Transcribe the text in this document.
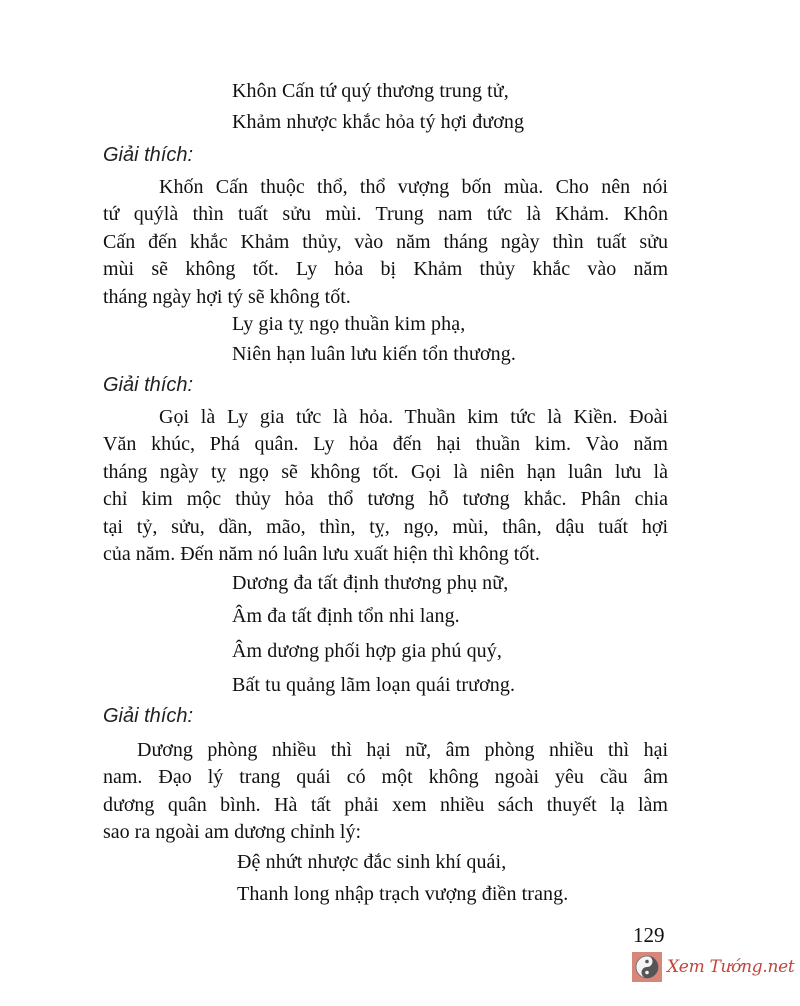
Khôn Cấn tứ quý thương trung tử,
Khảm nhược khắc hỏa tý hợi đương
Giải thích:
Khốn Cấn thuộc thổ, thổ vượng bốn mùa. Cho nên nói
tứ quýlà thìn tuất sửu mùi. Trung nam tức là Khảm. Khôn
Cấn đến khắc Khảm thủy, vào năm tháng ngày thìn tuất sửu
mùi sẽ không tốt. Ly hỏa bị Khảm thủy khắc vào năm
tháng ngày hợi tý sẽ không tốt.
Ly gia tỵ ngọ thuần kim phạ,
Niên hạn luân lưu kiến tổn thương.
Giải thích:
Gọi là Ly gia tức là hỏa. Thuần kim tức là Kiền. Đoài
Văn khúc, Phá quân. Ly hỏa đến hại thuần kim. Vào năm
tháng ngày tỵ ngọ sẽ không tốt. Gọi là niên hạn luân lưu là
chỉ kim mộc thủy hỏa thổ tương hỗ tương khắc. Phân chia
tại tỷ, sửu, dần, mão, thìn, tỵ, ngọ, mùi, thân, dậu tuất hợi
của năm. Đến năm nó luân lưu xuất hiện thì không tốt.
Dương đa tất định thương phụ nữ,
Âm đa tất định tổn nhi lang.
Âm dương phối hợp gia phú quý,
Bất tu quảng lãm loạn quái trương.
Giải thích:
Dương phòng nhiều thì hại nữ, âm phòng nhiều thì hại
nam. Đạo lý trang quái có một không ngoài yêu cầu âm
dương quân bình. Hà tất phải xem nhiều sách thuyết lạ làm
sao ra ngoài am dương chỉnh lý:
Đệ nhứt nhược đắc sinh khí quái,
Thanh long nhập trạch vượng điền trang.
129
Xem Tướng.net
